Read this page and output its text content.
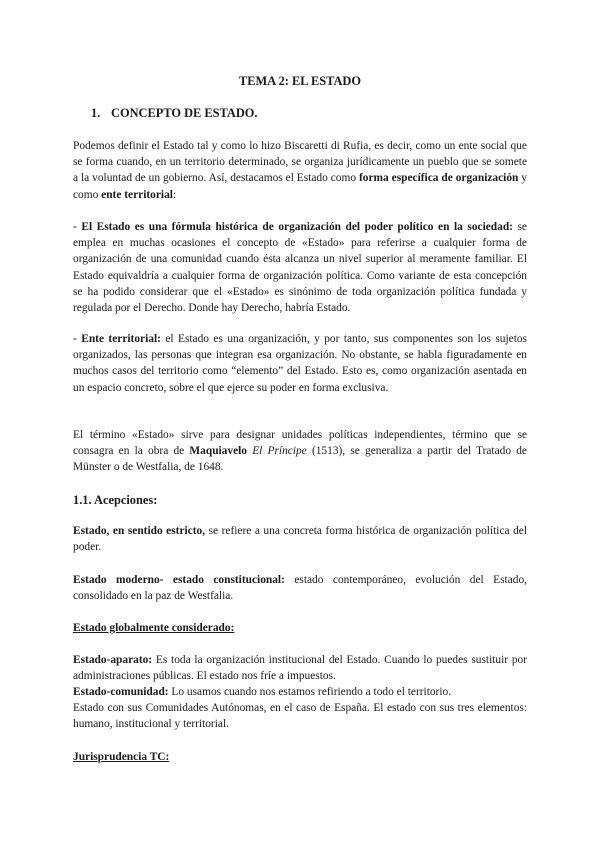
TEMA 2: EL ESTADO

1. CONCEPTO DE ESTADO.

Podemos definir el Estado tal y como lo hizo Biscaretti di Rufia, es decir, como un ente social que se forma cuando, en un territorio determinado, se organiza jurídicamente un pueblo que se somete a la voluntad de un gobierno. Así, destacamos el Estado como forma específica de organización y como ente territorial:

- El Estado es una fórmula histórica de organización del poder político en la sociedad: se emplea en muchas ocasiones el concepto de «Estado» para referirse a cualquier forma de organización de una comunidad cuando ésta alcanza un nivel superior al meramente familiar. El Estado equivaldría a cualquier forma de organización política. Como variante de esta concepción se ha podido considerar que el «Estado» es sinónimo de toda organización política fundada y regulada por el Derecho. Donde hay Derecho, habría Estado.

- Ente territorial: el Estado es una organización, y por tanto, sus componentes son los sujetos organizados, las personas que integran esa organización. No obstante, se habla figuradamente en muchos casos del territorio como “elemento” del Estado. Esto es, como organización asentada en un espacio concreto, sobre el que ejerce su poder en forma exclusiva.

El término «Estado» sirve para designar unidades políticas independientes, término que se consagra en la obra de Maquiavelo El Príncipe (1513), se generaliza a partir del Tratado de Münster o de Westfalia, de 1648.

1.1. Acepciones:

Estado, en sentido estricto, se refiere a una concreta forma histórica de organización política del poder.

Estado moderno- estado constitucional: estado contemporáneo, evolución del Estado, consolidado en la paz de Westfalia.

Estado globalmente considerado:

Estado-aparato: Es toda la organización institucional del Estado. Cuando lo puedes sustituir por administraciones públicas. El estado nos fríe a impuestos.

Estado-comunidad: Lo usamos cuando nos estamos refiriendo a todo el territorio.

Estado con sus Comunidades Autónomas, en el caso de España. El estado con sus tres elementos: humano, institucional y territorial.

Jurisprudencia TC:
